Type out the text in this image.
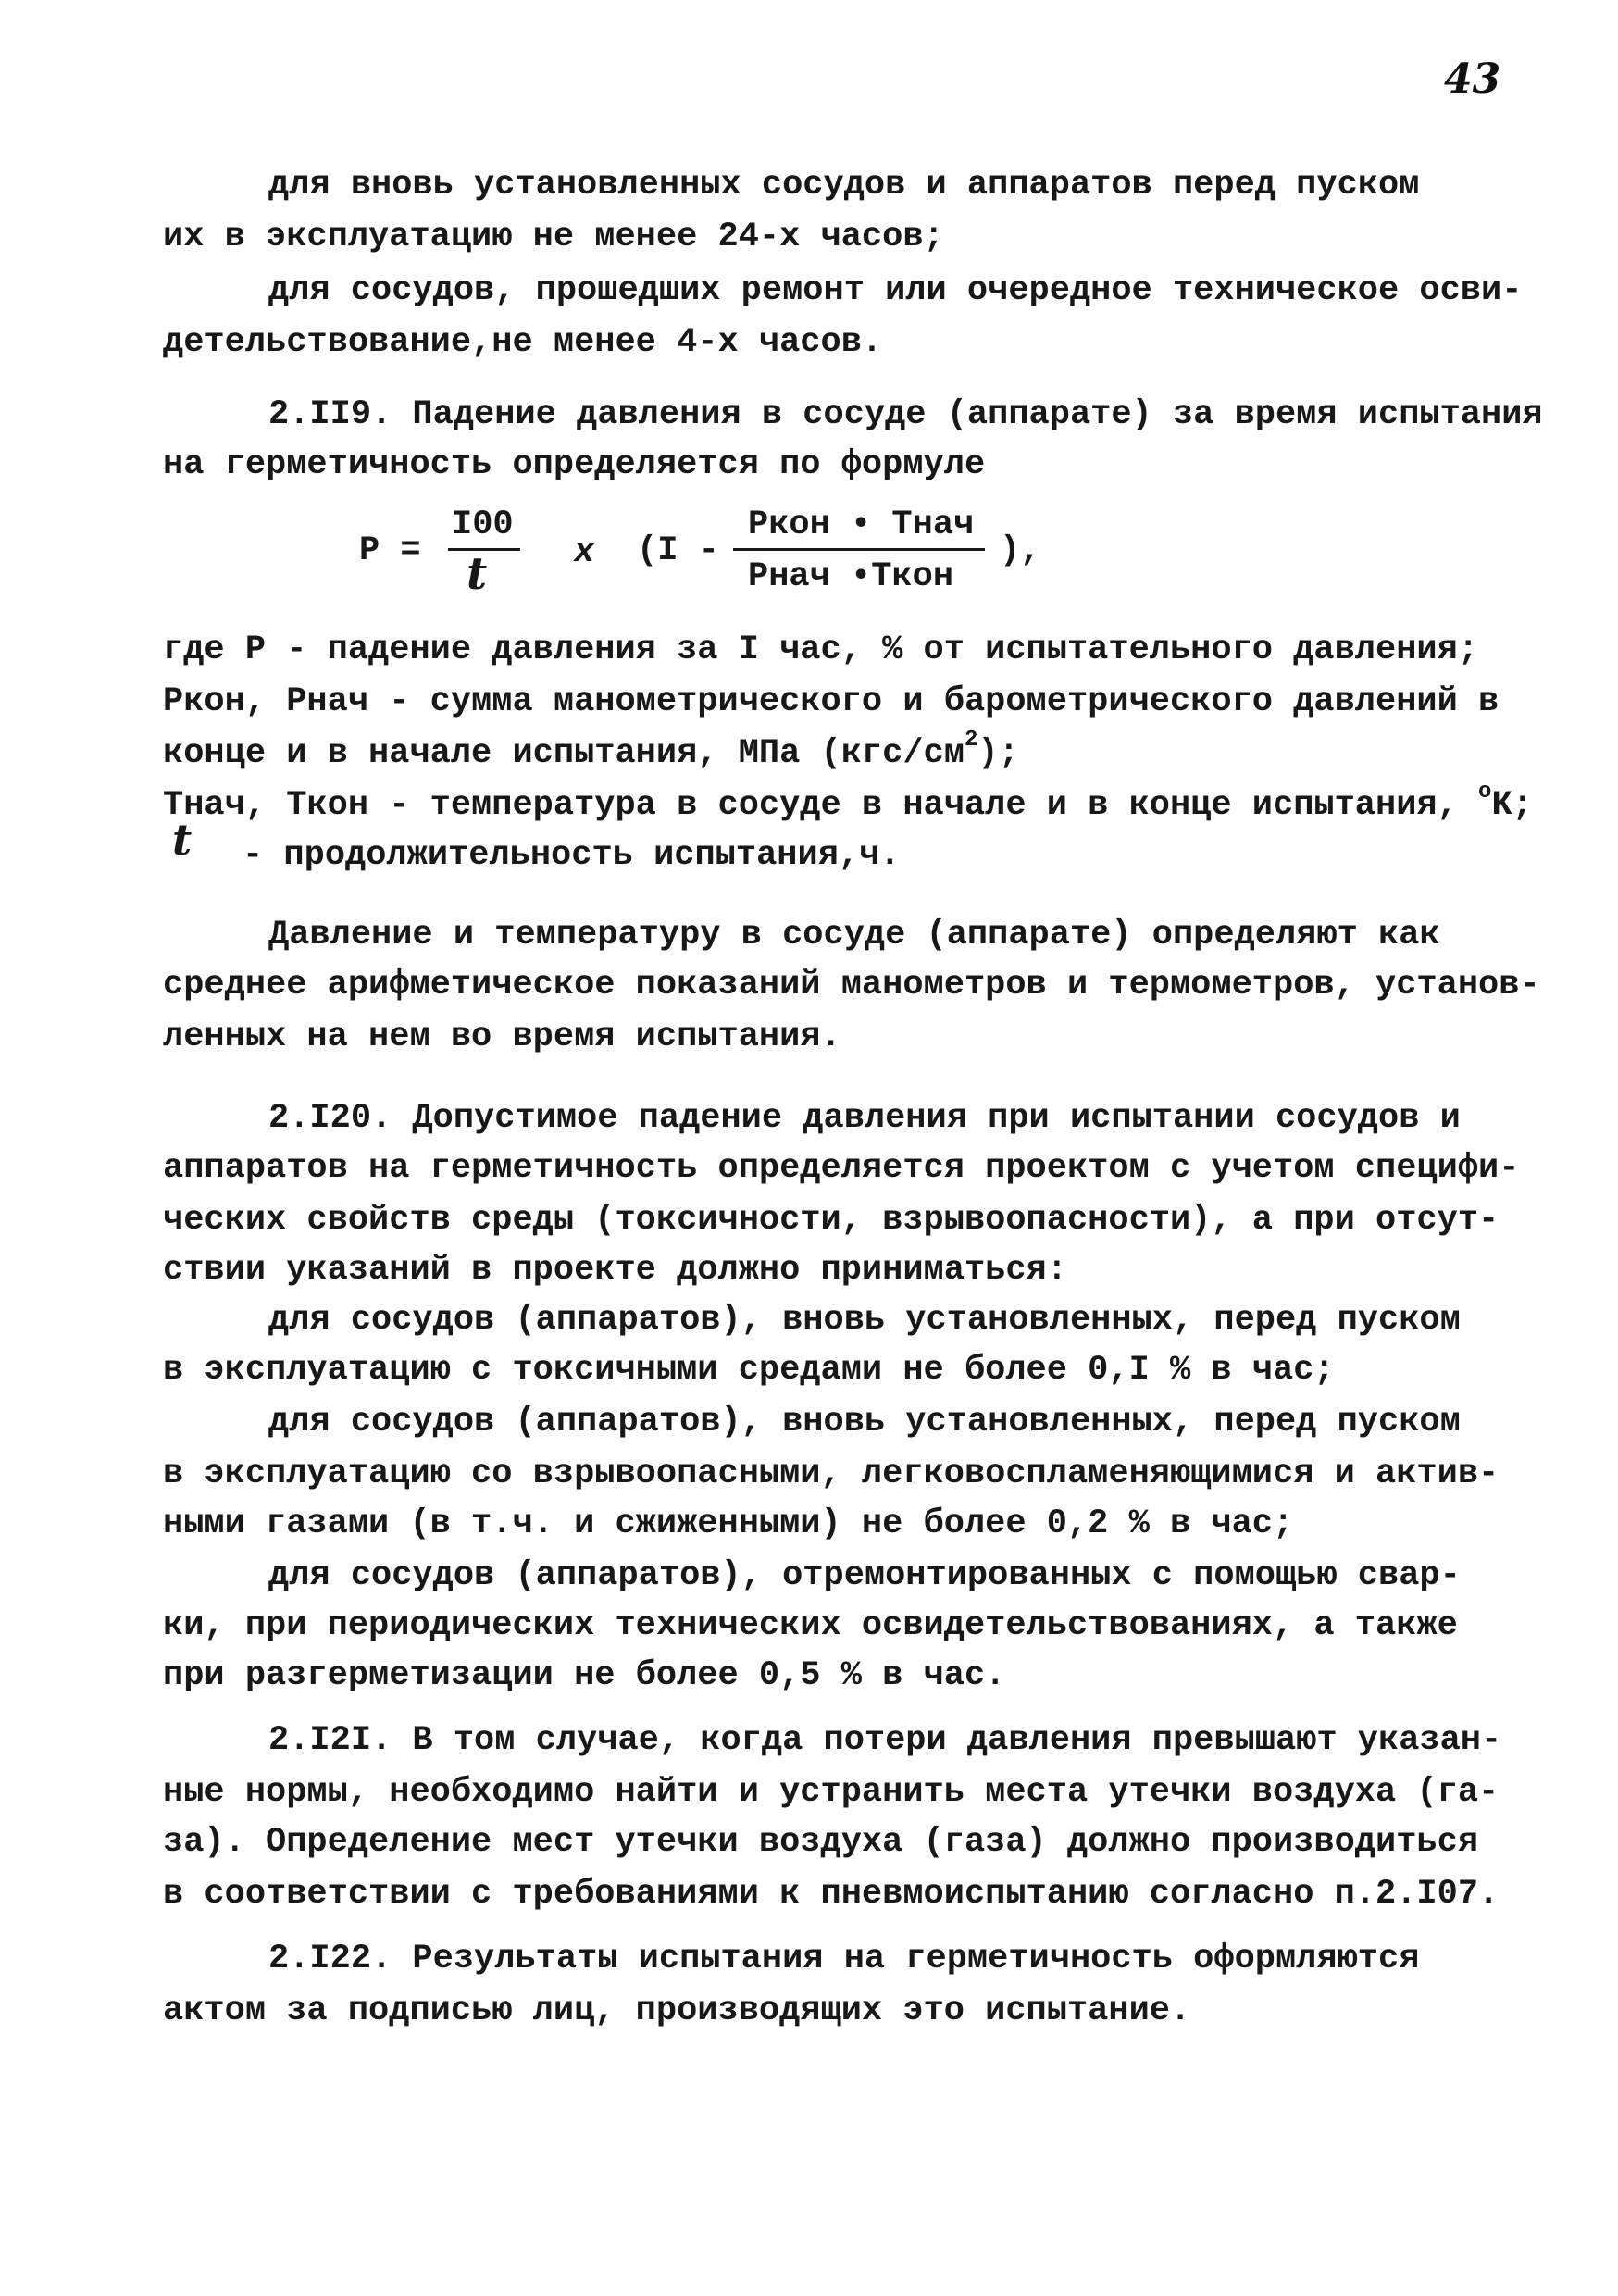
43
для вновь установленных сосудов и аппаратов перед пуском
их в эксплуатацию не менее 24-х часов;
для сосудов, прошедших ремонт или очередное техническое осви-
детельствование,не менее 4-х часов.
2.II9. Падение давления в сосуде (аппарате) за время испытания
на герметичность определяется по формуле
Р =
I00
t	x (I -
Ркон • Тнач
Рнач •Ткон
),
где Р - падение давления за I час, % от испытательного давления;
Ркон, Рнач - сумма манометрического и барометрического давлений в
конце и в начале испытания, МПа $(кгс/см^2)$;
Тнач, Ткон - температура в сосуде в начале и в конце испытания, $^о$К;
t - продолжительность испытания,ч.
Давление и температуру в сосуде (аппарате) определяют как
среднее арифметическое показаний манометров и термометров, установ-
ленных на нем во время испытания.
2.I20. Допустимое падение давления при испытании сосудов и
аппаратов на герметичность определяется проектом с учетом специфи-
ческих свойств среды (токсичности, взрывоопасности), а при отсут-
ствии указаний в проекте должно приниматься:
для сосудов (аппаратов), вновь установленных, перед пуском
в эксплуатацию с токсичными средами не более 0,I % в час;
для сосудов (аппаратов), вновь установленных, перед пуском
в эксплуатацию со взрывоопасными, легковоспламеняющимися и актив-
ными газами (в т.ч. и сжиженными) не более 0,2 % в час;
для сосудов (аппаратов), отремонтированных с помощью свар-
ки, при периодических технических освидетельствованиях, а также
при разгерметизации не более 0,5 % в час.
2.I2I. В том случае, когда потери давления превышают указан-
ные нормы, необходимо найти и устранить места утечки воздуха (га-
за). Определение мест утечки воздуха (газа) должно производиться
в соответствии с требованиями к пневмоиспытанию согласно п.2.I07.
2.I22. Результаты испытания на герметичность оформляются
актом за подписью лиц, производящих это испытание.
